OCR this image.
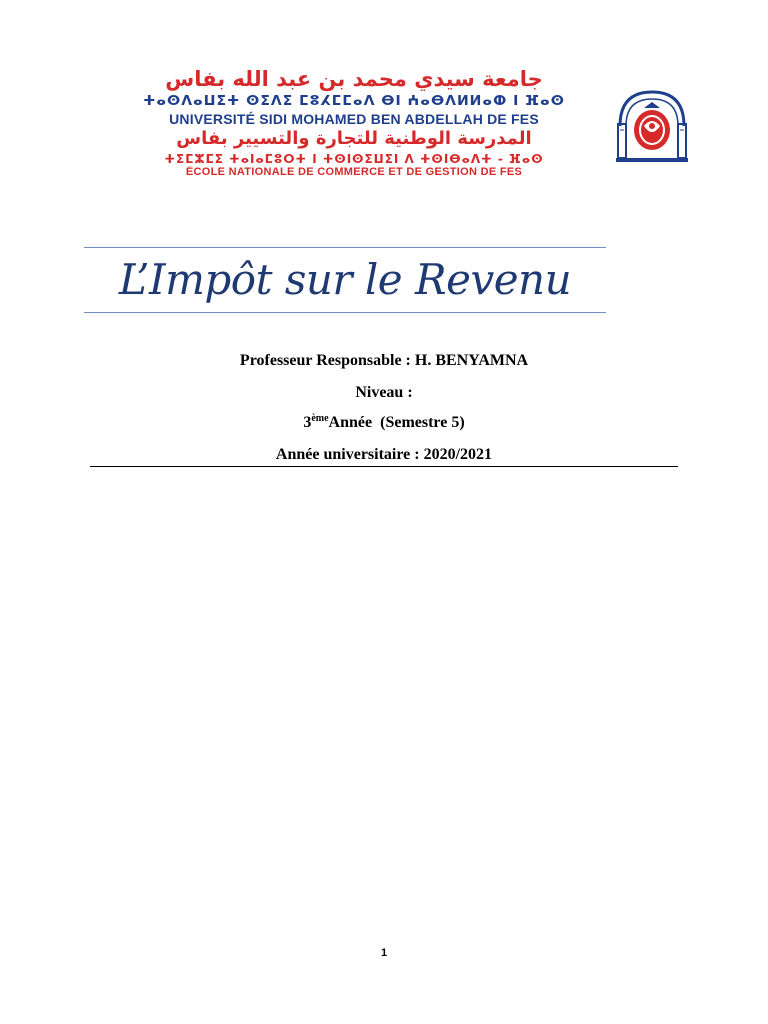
جامعة سيدي محمد بن عبد الله بفاس
ⵜⴰⵙⴷⴰⵡⵉⵜ ⵙⵉⴷⵉ ⵎⵓⵃⵎⵎⴰⴷ ⴱⵏ ⵄⴰⴱⴷⵍⵍⴰⵀ ⵏ ⴼⴰⵙ
UNIVERSITÉ SIDI MOHAMED BEN ABDELLAH DE FES
المدرسة الوطنية للتجارة والتسيير بفاس
ⵜⵉⵎⵣⵎⵉ ⵜⴰⵏⴰⵎⵓⵔⵜ ⵏ ⵜⵙⵏⵙⵉⵡⵉⵏ ⴷ ⵜⵙⵏⴱⴰⴷⵜ - ⴼⴰⵙ
ÉCOLE NATIONALE DE COMMERCE ET DE GESTION DE FES
L’Impôt sur le Revenu
Professeur Responsable : H. BENYAMNA
Niveau :
3èmeAnnée  (Semestre 5)
Année universitaire : 2020/2021
1
